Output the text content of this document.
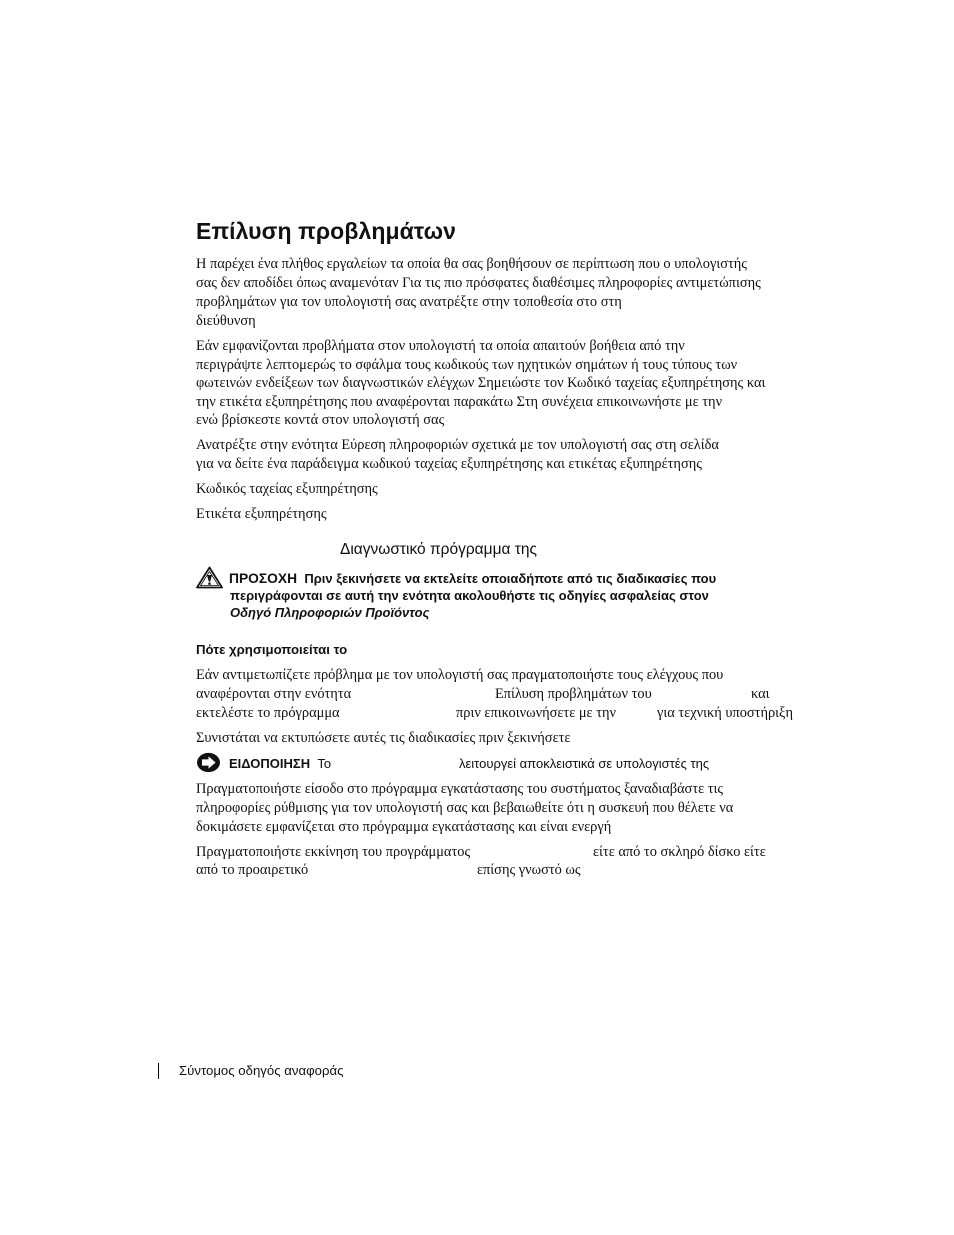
Επίλυση προβλημάτων
Η παρέχει ένα πλήθος εργαλείων τα οποία θα σας βοηθήσουν σε περίπτωση που ο υπολογιστής
σας δεν αποδίδει όπως αναμενόταν Για τις πιο πρόσφατες διαθέσιμες πληροφορίες αντιμετώπισης
προβλημάτων για τον υπολογιστή σας ανατρέξτε στην τοποθεσία στο στη
διεύθυνση
Εάν εμφανίζονται προβλήματα στον υπολογιστή τα οποία απαιτούν βοήθεια από την
περιγράψτε λεπτομερώς το σφάλμα τους κωδικούς των ηχητικών σημάτων ή τους τύπους των
φωτεινών ενδείξεων των διαγνωστικών ελέγχων Σημειώστε τον Κωδικό ταχείας εξυπηρέτησης και
την ετικέτα εξυπηρέτησης που αναφέρονται παρακάτω Στη συνέχεια επικοινωνήστε με την
ενώ βρίσκεστε κοντά στον υπολογιστή σας
Ανατρέξτε στην ενότητα Εύρεση πληροφοριών σχετικά με τον υπολογιστή σας στη σελίδα
για να δείτε ένα παράδειγμα κωδικού ταχείας εξυπηρέτησης και ετικέτας εξυπηρέτησης
Κωδικός ταχείας εξυπηρέτησης
Ετικέτα εξυπηρέτησης
Διαγνωστικό πρόγραμμα της
ΠΡΟΣΟΧΗ Πριν ξεκινήσετε να εκτελείτε οποιαδήποτε από τις διαδικασίες που
περιγράφονται σε αυτή την ενότητα ακολουθήστε τις οδηγίες ασφαλείας στον
Οδηγό Πληροφοριών Προϊόντος
Πότε χρησιμοποιείται το
Εάν αντιμετωπίζετε πρόβλημα με τον υπολογιστή σας πραγματοποιήστε τους ελέγχους που
αναφέρονται στην ενότητα	Επίλυση προβλημάτων του	και
εκτελέστε το πρόγραμμα	πριν επικοινωνήσετε με την	για τεχνική υποστήριξη
Συνιστάται να εκτυπώσετε αυτές τις διαδικασίες πριν ξεκινήσετε
ΕΙΔΟΠΟΙΗΣΗ Το	λειτουργεί αποκλειστικά σε υπολογιστές της
Πραγματοποιήστε είσοδο στο πρόγραμμα εγκατάστασης του συστήματος ξαναδιαβάστε τις
πληροφορίες ρύθμισης για τον υπολογιστή σας και βεβαιωθείτε ότι η συσκευή που θέλετε να
δοκιμάσετε εμφανίζεται στο πρόγραμμα εγκατάστασης και είναι ενεργή
Πραγματοποιήστε εκκίνηση του προγράμματος	είτε από το σκληρό δίσκο είτε
από το προαιρετικό	επίσης γνωστό ως
Σύντομος οδηγός αναφοράς
